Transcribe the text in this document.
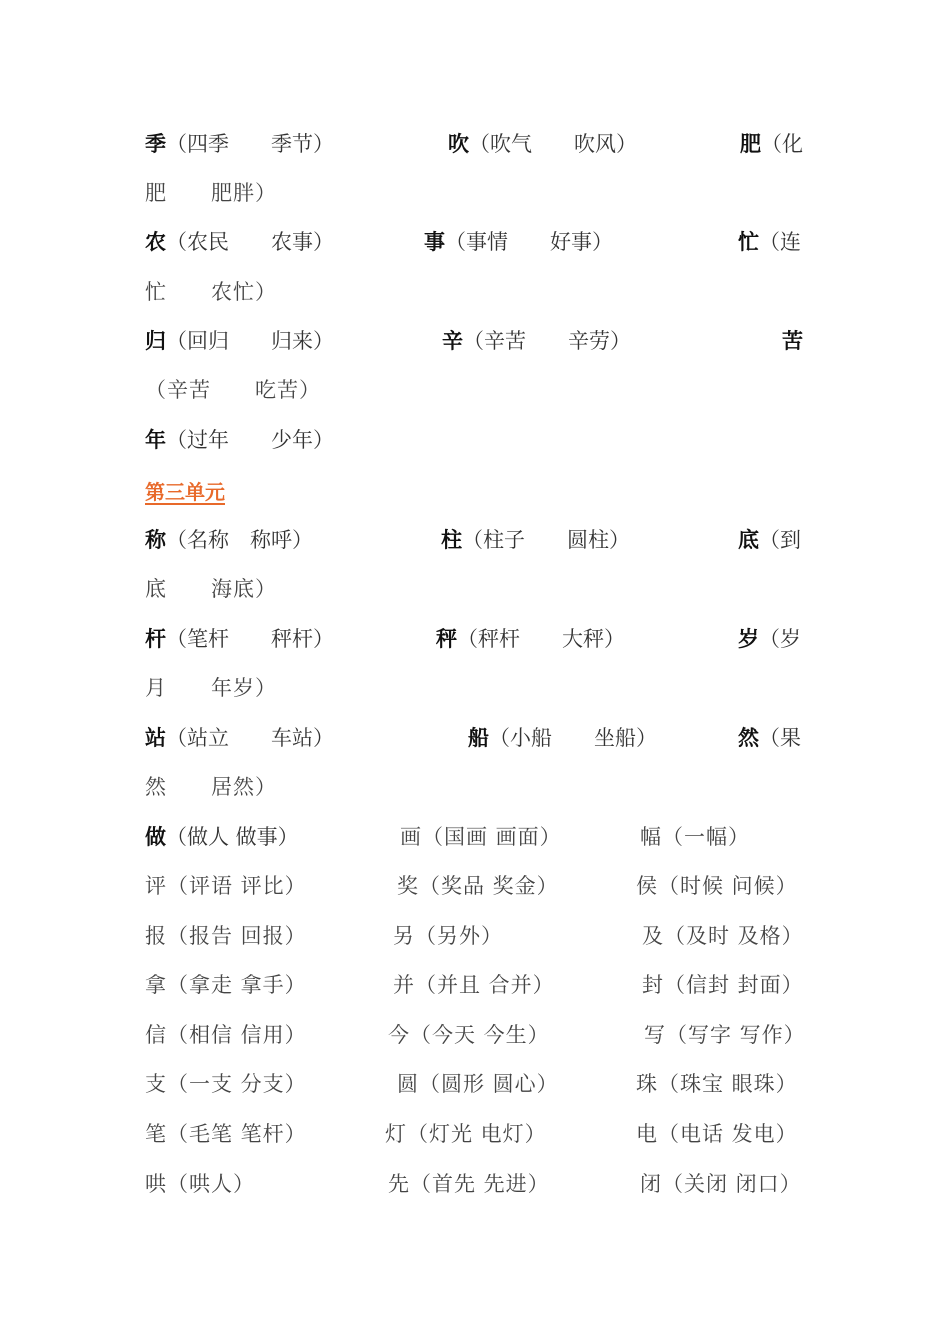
第三单元
季（四季　　季节）	吹（吹气　　吹风）	肥（化
肥　　肥胖）
农（农民　　农事）	事（事情　　好事）	忙（连
忙　　农忙）
归（回归　　归来）	辛（辛苦　　辛劳）	苦
（辛苦　　吃苦）
年（过年　　少年）
称（名称　称呼）	柱（柱子　　圆柱）	底（到
底　　海底）
杆（笔杆　　秤杆）	秤（秤杆　　大秤）	岁（岁
月　　年岁）
站（站立　　车站）	船（小船　　坐船）	然（果
然　　居然）
做（做人 做事）	画（国画 画面）	幅（一幅）
评（评语 评比）	奖（奖品 奖金）	侯（时候 问候）
报（报告 回报）	另（另外）	及（及时 及格）
拿（拿走 拿手）	并（并且 合并）	封（信封 封面）
信（相信 信用）	今（今天 今生）	写（写字 写作）
支（一支 分支）	圆（圆形 圆心）	珠（珠宝 眼珠）
笔（毛笔 笔杆）	灯（灯光 电灯）	电（电话 发电）
哄（哄人）	先（首先 先进）	闭（关闭 闭口）
